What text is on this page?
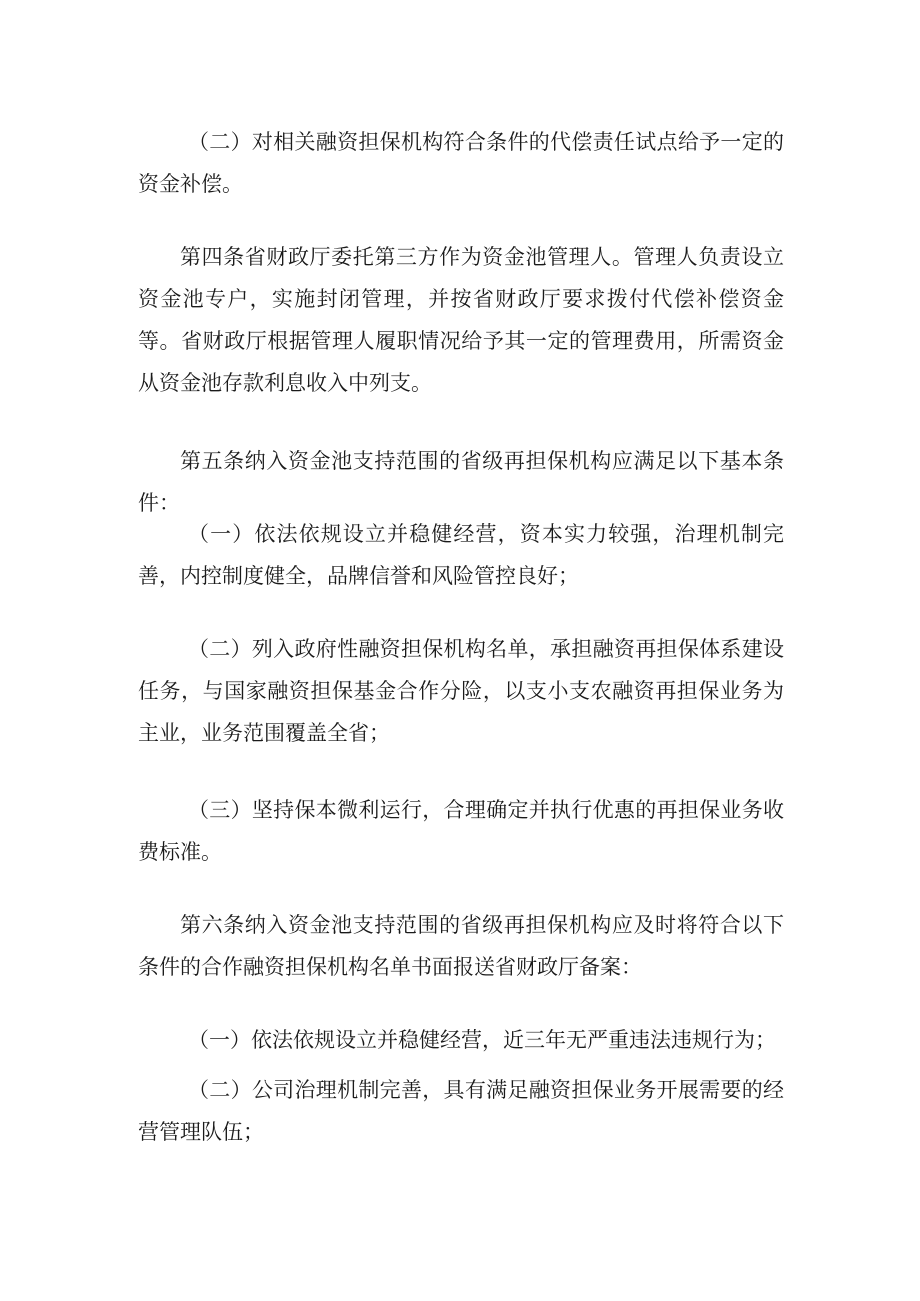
（二）对相关融资担保机构符合条件的代偿责任试点给予一定的资金补偿。

第四条省财政厅委托第三方作为资金池管理人。管理人负责设立资金池专户，实施封闭管理，并按省财政厅要求拨付代偿补偿资金等。省财政厅根据管理人履职情况给予其一定的管理费用，所需资金从资金池存款利息收入中列支。

第五条纳入资金池支持范围的省级再担保机构应满足以下基本条件：

（一）依法依规设立并稳健经营，资本实力较强，治理机制完善，内控制度健全，品牌信誉和风险管控良好；

（二）列入政府性融资担保机构名单，承担融资再担保体系建设任务，与国家融资担保基金合作分险，以支小支农融资再担保业务为主业，业务范围覆盖全省；

（三）坚持保本微利运行，合理确定并执行优惠的再担保业务收费标准。

第六条纳入资金池支持范围的省级再担保机构应及时将符合以下条件的合作融资担保机构名单书面报送省财政厅备案：

（一）依法依规设立并稳健经营，近三年无严重违法违规行为；

（二）公司治理机制完善，具有满足融资担保业务开展需要的经营管理队伍；
